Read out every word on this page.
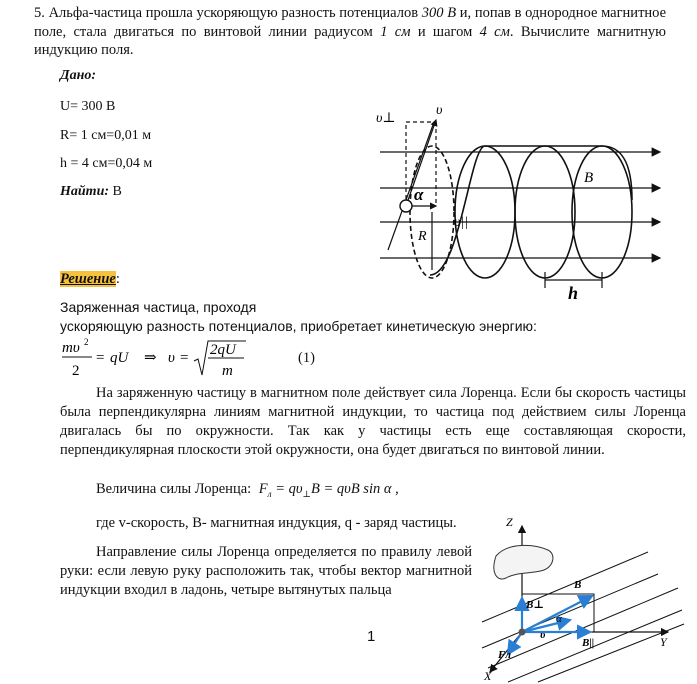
5. Альфа-частица прошла ускоряющую разность потенциалов 300 В и, попав в однородное магнитное поле, стала двигаться по винтовой линии радиусом 1 см и шагом 4 см. Вычислите магнитную индукцию поля.
Дано:
U= 300 В
R= 1 см=0,01 м
h = 4 см=0,04 м
Найти: В
υ⊥
υ
B
α
υ||
R
h
Решение:
Заряженная частица, проходя
ускоряющую разность потенциалов, приобретает кинетическую энергию:
mυ 2
2
= qU ⇒ υ = 2qU
m
(1)
На заряженную частицу в магнитном поле действует сила Лоренца. Если бы скорость частицы была перпендикулярна линиям магнитной индукции, то частица под действием силы Лоренца двигалась бы по окружности. Так как у частицы есть еще составляющая скорости, перпендикулярная плоскости этой окружности, она будет двигаться по винтовой линии.
Величина силы Лоренца: $F_л = q\upsilon_\perp B = q\upsilon B$ sin α ,
где v-скорость, В- магнитная индукция, q - заряд частицы.
Направление силы Лоренца определяется по правилу левой руки: если левую руку расположить так, чтобы вектор магнитной индукции входил в ладонь, четыре вытянутых пальца
Z
Y
X
B
B⊥
B||
υ
α
Fл
1
